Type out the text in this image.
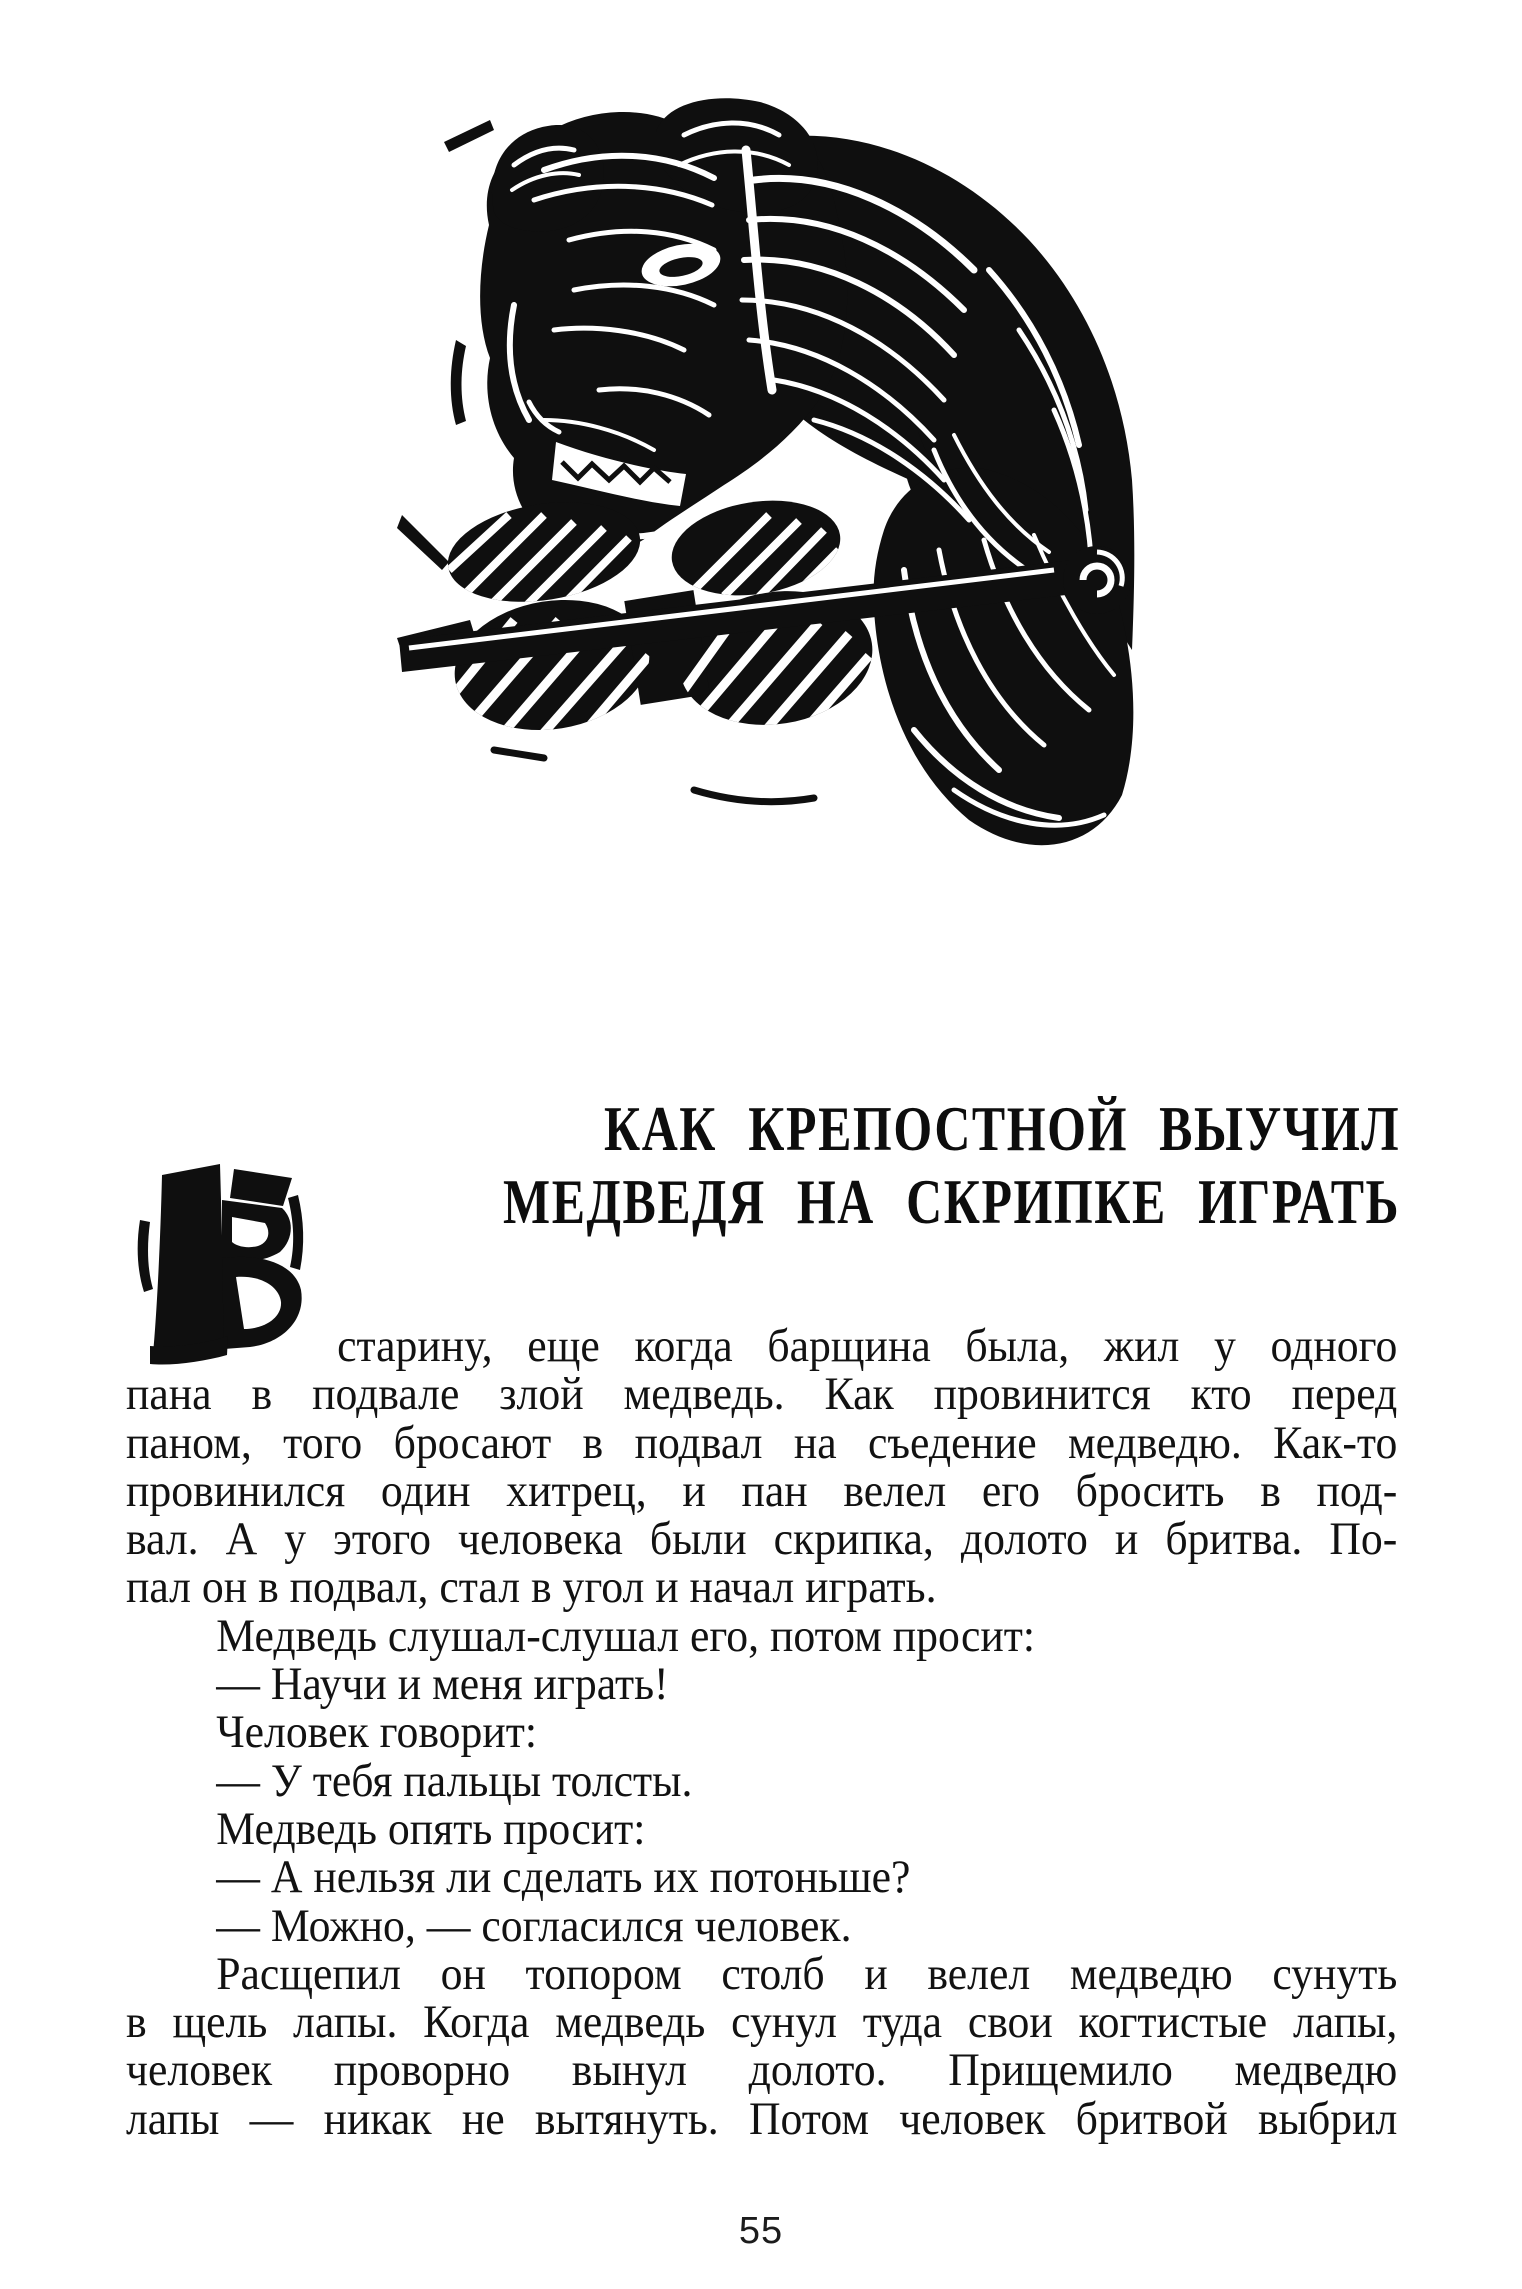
КАК КРЕПОСТНОЙ ВЫУЧИЛ
МЕДВЕДЯ НА СКРИПКЕ ИГРАТЬ
старину, еще когда барщина была, жил у одного
пана в подвале злой медведь. Как провинится кто перед
паном, того бросают в подвал на съедение медведю. Как-то
провинился один хитрец, и пан велел его бросить в под-
вал. А у этого человека были скрипка, долото и бритва. По-
пал он в подвал, стал в угол и начал играть.
Медведь слушал-слушал его, потом просит:
— Научи и меня играть!
Человек говорит:
— У тебя пальцы толсты.
Медведь опять просит:
— А нельзя ли сделать их потоньше?
— Можно, — согласился человек.
Расщепил он топором столб и велел медведю сунуть
в щель лапы. Когда медведь сунул туда свои когтистые лапы,
человек проворно вынул долото. Прищемило медведю
лапы — никак не вытянуть. Потом человек бритвой выбрил
55
